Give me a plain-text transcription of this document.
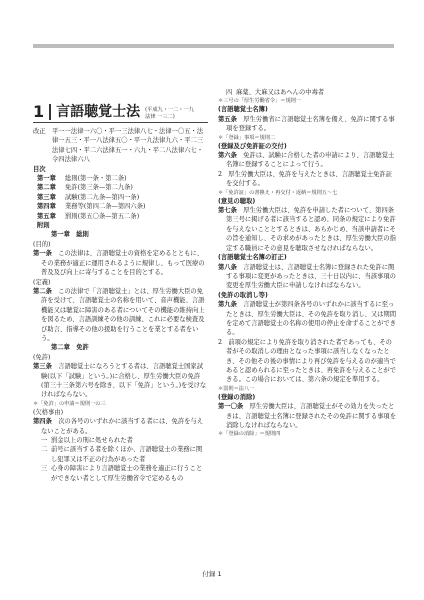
1 言語聴覚士法 (平成九・一二・一九
法律 一三二)
改正	平一一法律一六〇・平一三法律八七・法律一〇五・法
律一五三・平一八法律五〇・平一九法律九六・平二三
法律七四・平二六法律五一・六九・平二八法律六七・
令四法律六八
目次
第一章	総則(第一条・第二条)
第二章	免許(第三条—第二九条)
第三章	試験(第二九条—第四一条)
第四章	業務等(第四二条—第四六条)
第五章	罰則(第五〇条—第五二条)
附則
第一章　総則
(目的)
第一条　 この法律は、言語聴覚士の資格を定めるとともに、その業務が適正に運用されるように規律し、もって医療の普及及び向上に寄与することを目的とする。
(定義)
第二条　 この法律で「言語聴覚士」とは、厚生労働大臣の免許を受けて、言語聴覚士の名称を用いて、音声機能、言語機能又は聴覚に障害のある者についてその機能の維持向上を図るため、言語訓練その他の訓練、これに必要な検査及び助言、指導その他の援助を行うことを業とする者をいう。
第二章　免許
(免許)
第三条　 言語聴覚士になろうとする者は、言語聴覚士国家試験(以下「試験」という。)に合格し、厚生労働大臣の免許(第三十三条第六号を除き、以下「免許」という。)を受けなければならない。
＊「免許」の申請＝規則一の三
(欠格事由)
第四条　 次の各号のいずれかに該当する者には、免許を与えないことがある。
一 罰金以上の刑に処せられた者
二 前号に該当する者を除くほか、言語聴覚士の業務に関し犯罪又は不正の行為があった者
三 心身の障害により言語聴覚士の業務を適正に行うことができない者として厚生労働省令で定めるもの
四 麻薬、大麻又はあへんの中毒者
＊三号の「厚生労働省令」＝規則一
(言語聴覚士名簿)
第五条　 厚生労働省に言語聴覚士名簿を備え、免許に関する事項を登録する。
＊「登録」事項＝規則二
(登録及び免許証の交付)
第六条　 免許は、試験に合格した者の申請により、言語聴覚士名簿に登録することによって行う。
2　厚生労働大臣は、免許を与えたときは、言語聴覚士免許証を交付する。
＊「免許証」の書換え・再交付・返納＝規則五〜七
(意見の聴取)
第七条　 厚生労働大臣は、免許を申請した者について、第四条第三号に掲げる者に該当すると認め、同条の規定により免許を与えないこととするときは、あらかじめ、当該申請者にその旨を通知し、その求めがあったときは、厚生労働大臣の指定する職員にその意見を聴取させなければならない。
(言語聴覚士名簿の訂正)
第八条　 言語聴覚士は、言語聴覚士名簿に登録された免許に関する事項に変更があったときは、三十日以内に、当該事項の変更を厚生労働大臣に申請しなければならない。
(免許の取消し等)
第九条　 言語聴覚士が第四条各号のいずれかに該当するに至ったときは、厚生労働大臣は、その免許を取り消し、又は期間を定めて言語聴覚士の名称の使用の停止を命ずることができる。
2　前項の規定により免許を取り消された者であっても、その者がその取消しの理由となった事項に該当しなくなったとき、その他その後の事情により再び免許を与えるのが適当であると認められるに至ったときは、再免許を与えることができる。この場合においては、第六条の規定を準用する。
＊罰則＝法八一
(登録の消除)
第一〇条　 厚生労働大臣は、言語聴覚士がその効力を失ったときは、言語聴覚士名簿に登録されたその免許に関する事項を消除しなければならない。
＊「登録の消除」＝規則四
付録 1
